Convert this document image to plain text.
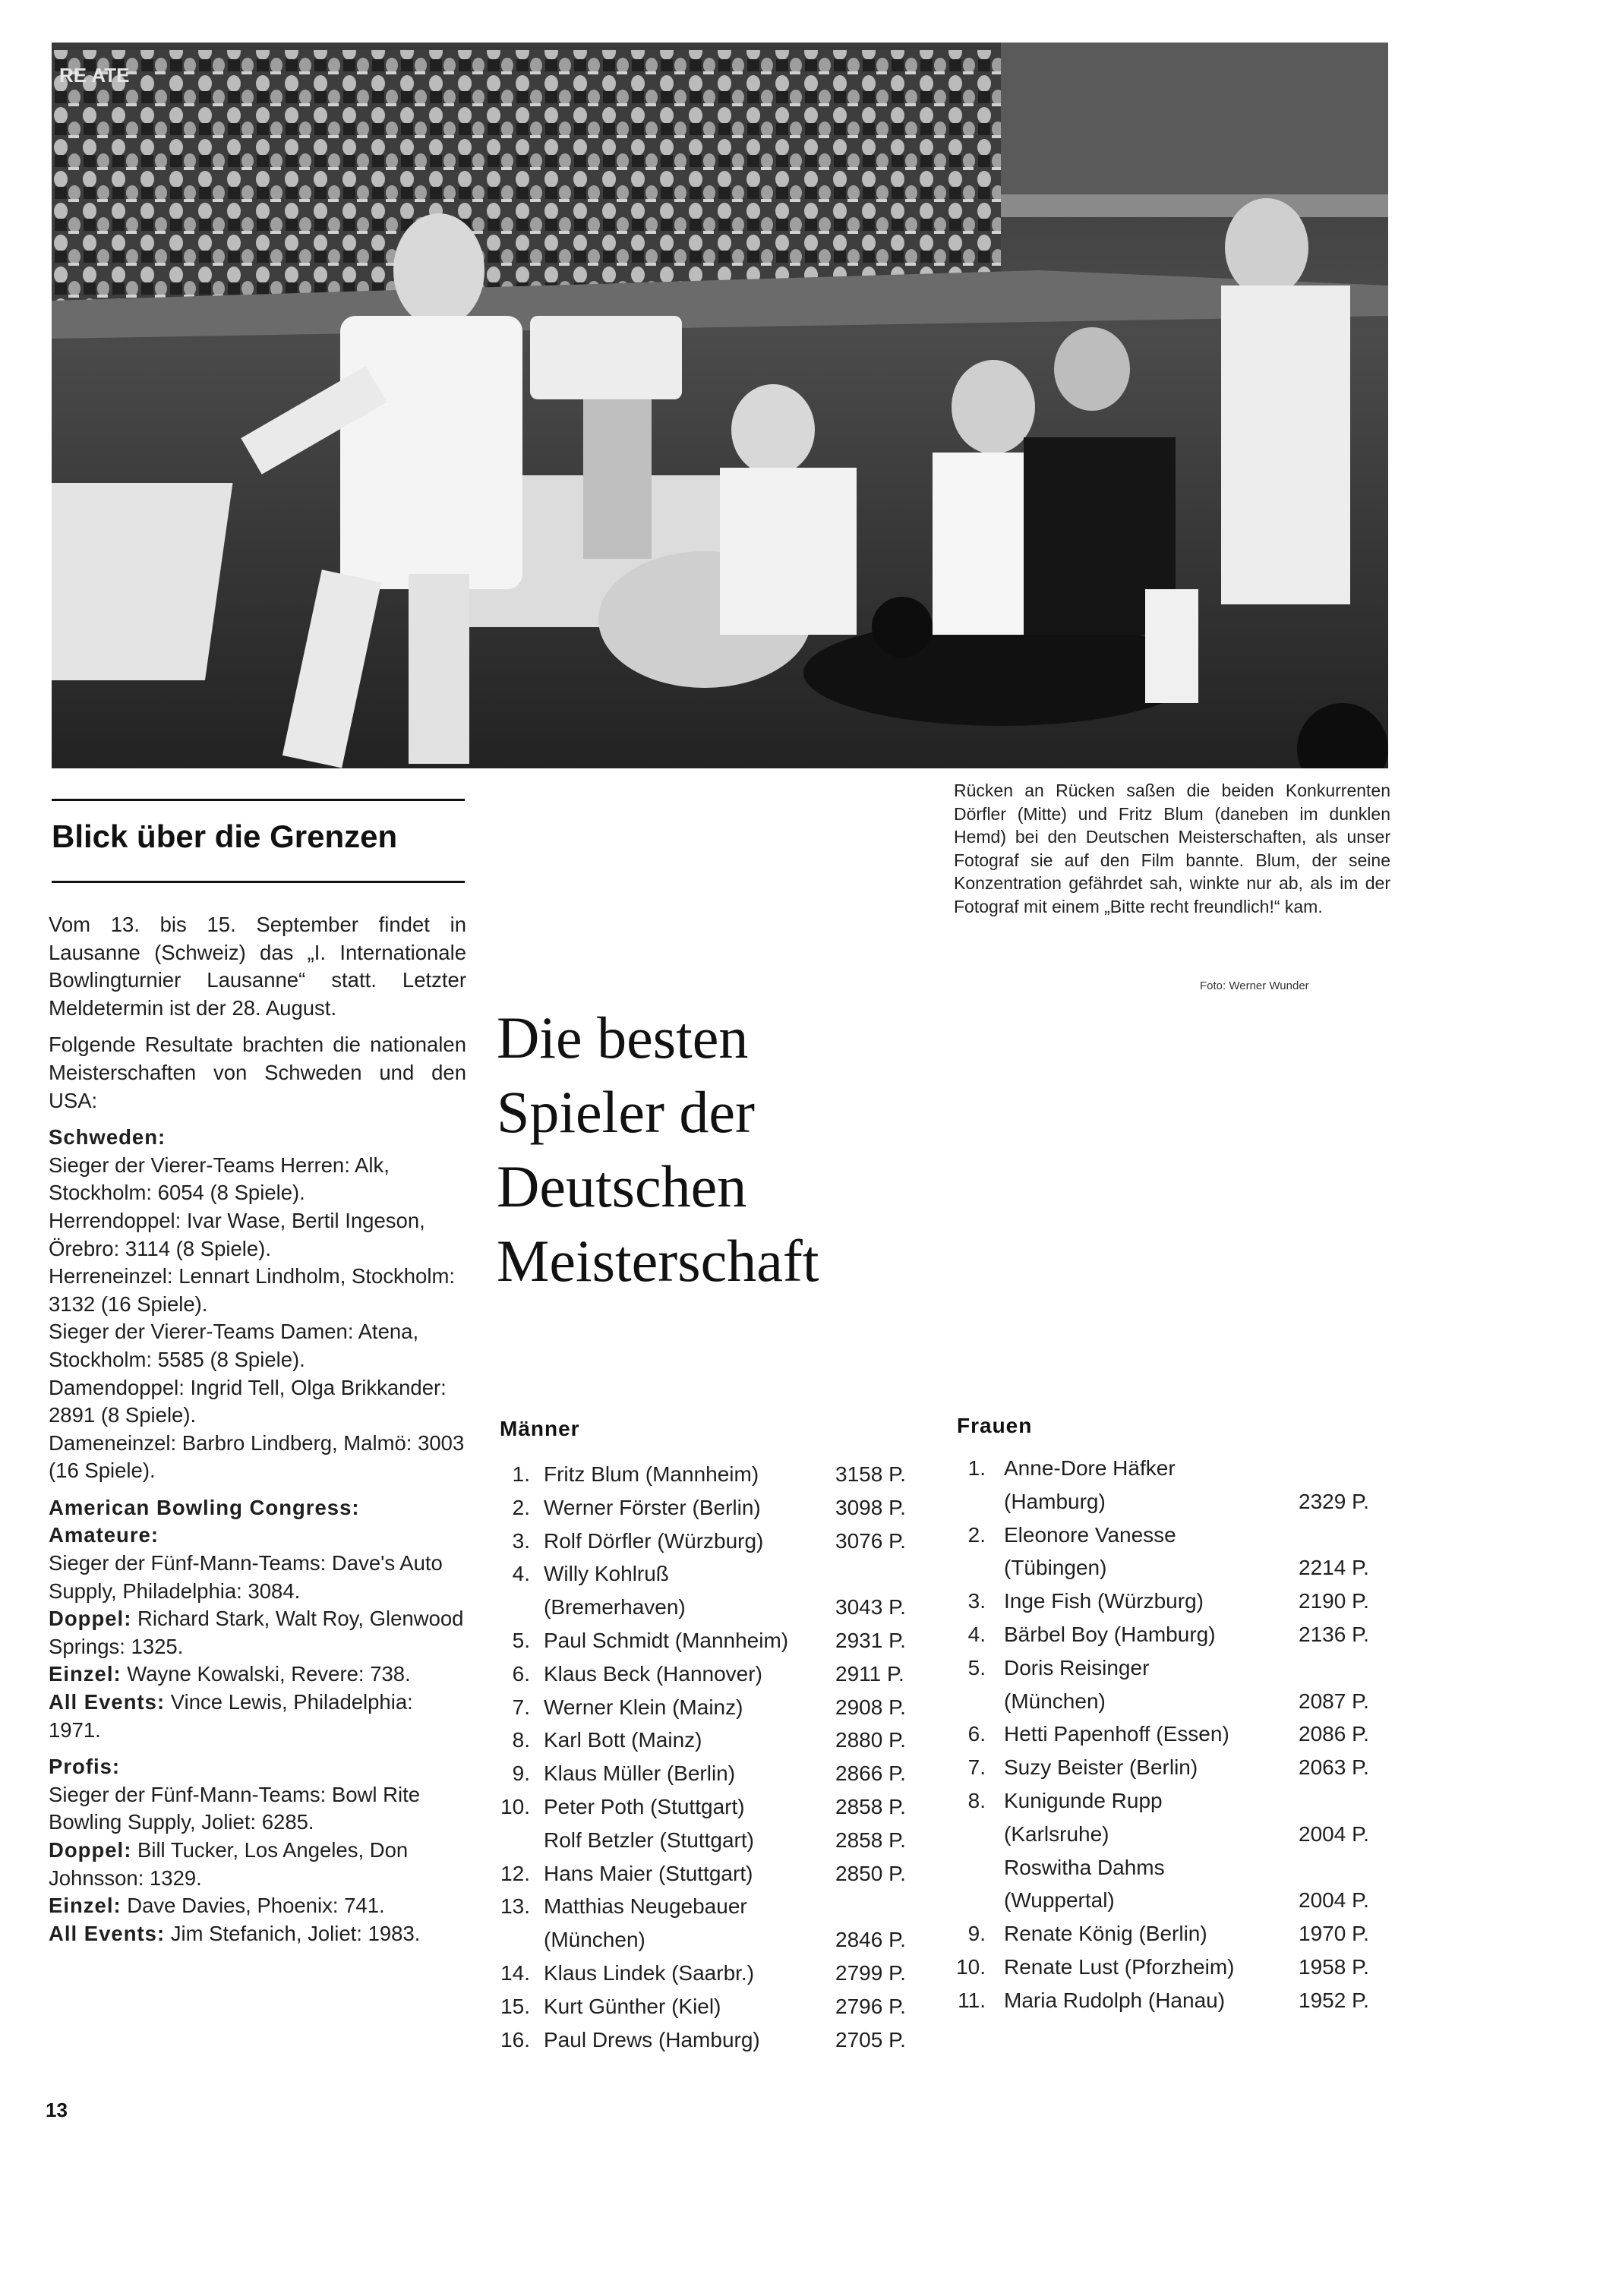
RE ATE
Rücken an Rücken saßen die beiden Konkurrenten Dörfler (Mitte) und Fritz Blum (daneben im dunklen Hemd) bei den Deutschen Meisterschaften, als unser Fotograf sie auf den Film bannte. Blum, der seine Konzentration gefährdet sah, winkte nur ab, als im der Fotograf mit einem „Bitte recht freundlich!“ kam.
Foto: Werner Wunder
Blick über die Grenzen

Vom 13. bis 15. September findet in Lausanne (Schweiz) das „I. Internationale Bowlingturnier Lausanne“ statt. Letzter Meldetermin ist der 28. August.

Folgende Resultate brachten die nationalen Meisterschaften von Schweden und den USA:

Schweden:
Sieger der Vierer-Teams Herren: Alk, Stockholm: 6054 (8 Spiele).
Herrendoppel: Ivar Wase, Bertil Ingeson, Örebro: 3114 (8 Spiele).
Herreneinzel: Lennart Lindholm, Stockholm: 3132 (16 Spiele).
Sieger der Vierer-Teams Damen: Atena, Stockholm: 5585 (8 Spiele).
Damendoppel: Ingrid Tell, Olga Brikkander: 2891 (8 Spiele).
Dameneinzel: Barbro Lindberg, Malmö: 3003 (16 Spiele).

American Bowling Congress:
Amateure:
Sieger der Fünf-Mann-Teams: Dave's Auto Supply, Philadelphia: 3084.
Doppel: Richard Stark, Walt Roy, Glenwood Springs: 1325.
Einzel: Wayne Kowalski, Revere: 738.
All Events: Vince Lewis, Philadelphia: 1971.

Profis:
Sieger der Fünf-Mann-Teams: Bowl Rite Bowling Supply, Joliet: 6285.
Doppel: Bill Tucker, Los Angeles, Don Johnsson: 1329.
Einzel: Dave Davies, Phoenix: 741.
All Events: Jim Stefanich, Joliet: 1983.

Die besten
Spieler der
Deutschen
Meisterschaft
Männer
1. Fritz Blum (Mannheim)	3158 P.
2. Werner Förster (Berlin)	3098 P.
3. Rolf Dörfler (Würzburg)	3076 P.
4. Willy Kohlruß
(Bremerhaven)	3043 P.
5. Paul Schmidt (Mannheim) 2931 P.
6. Klaus Beck (Hannover)	2911 P.
7. Werner Klein (Mainz)	2908 P.
8. Karl Bott (Mainz)	2880 P.
9. Klaus Müller (Berlin)	2866 P.
10. Peter Poth (Stuttgart)	2858 P.
Rolf Betzler (Stuttgart)	2858 P.
12. Hans Maier (Stuttgart)	2850 P.
13. Matthias Neugebauer
(München)	2846 P.
14. Klaus Lindek (Saarbr.)	2799 P.
15. Kurt Günther (Kiel)	2796 P.
16. Paul Drews (Hamburg)	2705 P.
Frauen
1. Anne-Dore Häfker
(Hamburg)	2329 P.
2. Eleonore Vanesse
(Tübingen)	2214 P.
3. Inge Fish (Würzburg)	2190 P.
4. Bärbel Boy (Hamburg)	2136 P.
5. Doris Reisinger
(München)	2087 P.
6. Hetti Papenhoff (Essen)	2086 P.
7. Suzy Beister (Berlin)	2063 P.
8. Kunigunde Rupp
(Karlsruhe)	2004 P.
Roswitha Dahms
(Wuppertal)	2004 P.
9. Renate König (Berlin)	1970 P.
10. Renate Lust (Pforzheim)	1958 P.
11. Maria Rudolph (Hanau)	1952 P.
13
